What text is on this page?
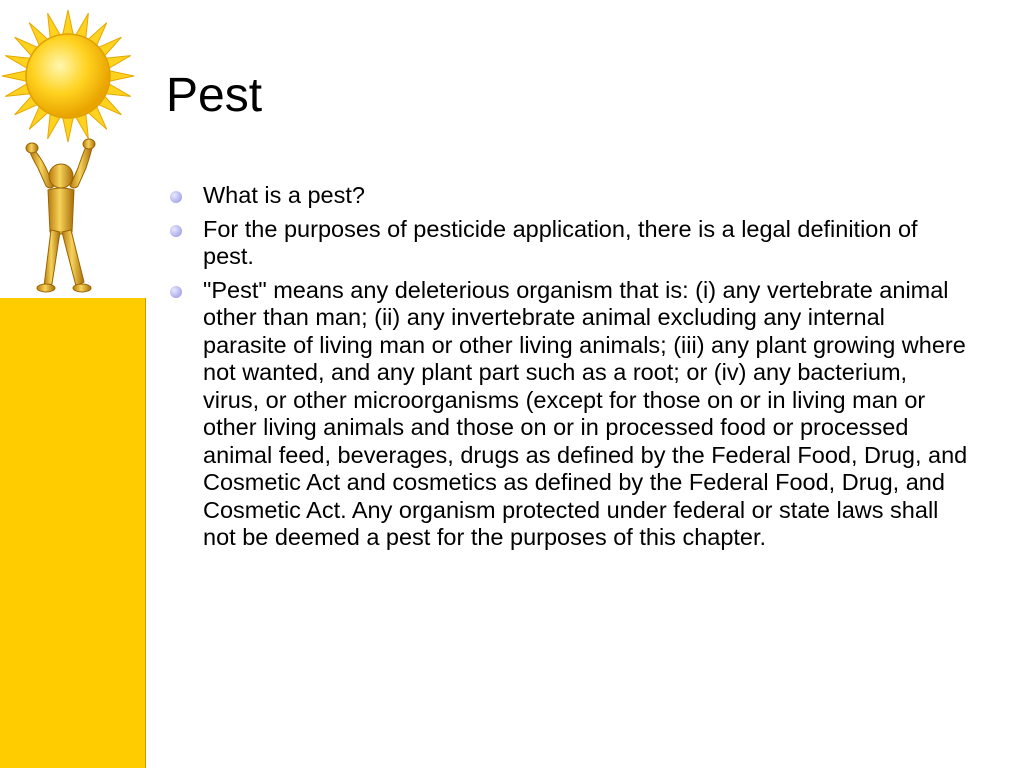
Pest
What is a pest?
For the purposes of pesticide application, there is a legal definition of pest.
"Pest" means any deleterious organism that is: (i) any vertebrate animal other than man; (ii) any invertebrate animal excluding any internal parasite of living man or other living animals; (iii) any plant growing where not wanted, and any plant part such as a root; or (iv) any bacterium, virus, or other microorganisms (except for those on or in living man or other living animals and those on or in processed food or processed animal feed, beverages, drugs as defined by the Federal Food, Drug, and Cosmetic Act and cosmetics as defined by the Federal Food, Drug, and Cosmetic Act. Any organism protected under federal or state laws shall not be deemed a pest for the purposes of this chapter.
